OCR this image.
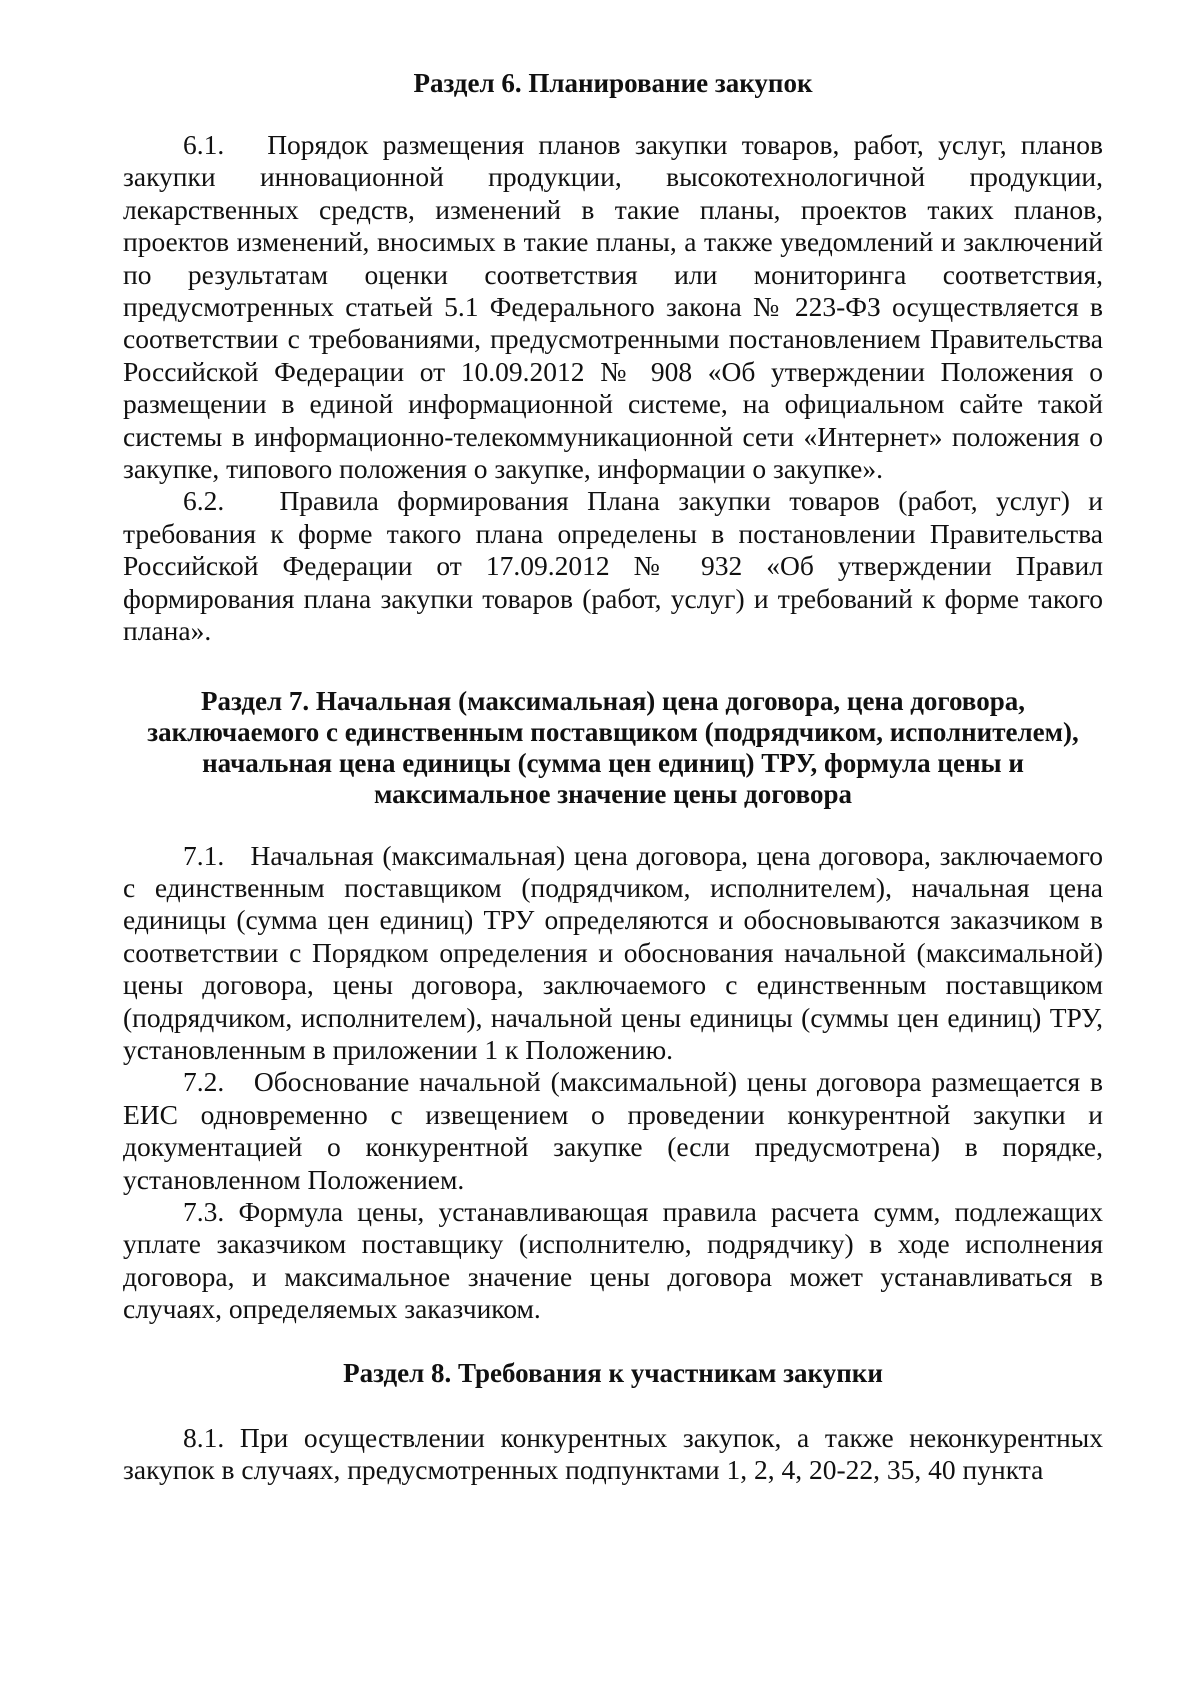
Раздел 6. Планирование закупок

6.1. Порядок размещения планов закупки товаров, работ, услуг, планов закупки инновационной продукции, высокотехнологичной продукции, лекарственных средств, изменений в такие планы, проектов таких планов, проектов изменений, вносимых в такие планы, а также уведомлений и заключений по результатам оценки соответствия или мониторинга соответствия, предусмотренных статьей 5.1 Федерального закона № 223-ФЗ осуществляется в соответствии с требованиями, предусмотренными постановлением Правительства Российской Федерации от 10.09.2012 № 908 «Об утверждении Положения о размещении в единой информационной системе, на официальном сайте такой системы в информационно-телекоммуникационной сети «Интернет» положения о закупке, типового положения о закупке, информации о закупке».

6.2. Правила формирования Плана закупки товаров (работ, услуг) и требования к форме такого плана определены в постановлении Правительства Российской Федерации от 17.09.2012 № 932 «Об утверждении Правил формирования плана закупки товаров (работ, услуг) и требований к форме такого плана».

Раздел 7. Начальная (максимальная) цена договора, цена договора,
заключаемого с единственным поставщиком (подрядчиком, исполнителем),
начальная цена единицы (сумма цен единиц) ТРУ, формула цены и
максимальное значение цены договора

7.1. Начальная (максимальная) цена договора, цена договора, заключаемого с единственным поставщиком (подрядчиком, исполнителем), начальная цена единицы (сумма цен единиц) ТРУ определяются и обосновываются заказчиком в соответствии с Порядком определения и обоснования начальной (максимальной) цены договора, цены договора, заключаемого с единственным поставщиком (подрядчиком, исполнителем), начальной цены единицы (суммы цен единиц) ТРУ, установленным в приложении 1 к Положению.

7.2. Обоснование начальной (максимальной) цены договора размещается в ЕИС одновременно с извещением о проведении конкурентной закупки и документацией о конкурентной закупке (если предусмотрена) в порядке, установленном Положением.

7.3. Формула цены, устанавливающая правила расчета сумм, подлежащих уплате заказчиком поставщику (исполнителю, подрядчику) в ходе исполнения договора, и максимальное значение цены договора может устанавливаться в случаях, определяемых заказчиком.

Раздел 8. Требования к участникам закупки

8.1. При осуществлении конкурентных закупок, а также неконкурентных закупок в случаях, предусмотренных подпунктами 1, 2, 4, 20-22, 35, 40 пункта
